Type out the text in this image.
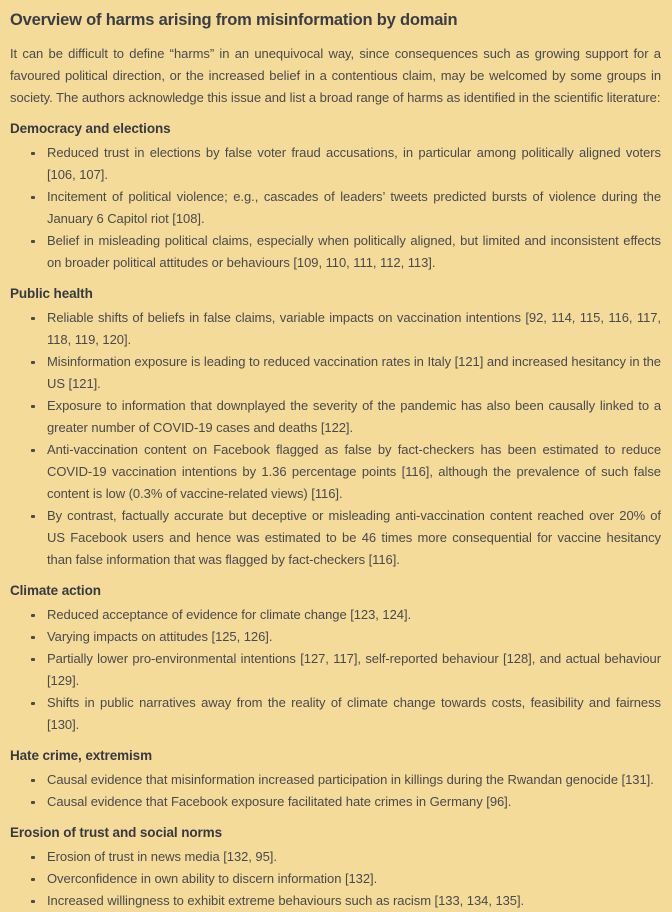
Overview of harms arising from misinformation by domain

It can be difficult to define “harms” in an unequivocal way, since consequences such as growing support for a favoured political direction, or the increased belief in a contentious claim, may be welcomed by some groups in society. The authors acknowledge this issue and list a broad range of harms as identified in the scientific literature:

Democracy and elections
Reduced trust in elections by false voter fraud accusations, in particular among politically aligned voters [106, 107].
Incitement of political violence; e.g., cascades of leaders’ tweets predicted bursts of violence during the January 6 Capitol riot [108].
Belief in misleading political claims, especially when politically aligned, but limited and inconsistent effects on broader political attitudes or behaviours [109, 110, 111, 112, 113].
Public health
Reliable shifts of beliefs in false claims, variable impacts on vaccination intentions [92, 114, 115, 116, 117, 118, 119, 120].
Misinformation exposure is leading to reduced vaccination rates in Italy [121] and increased hesitancy in the US [121].
Exposure to information that downplayed the severity of the pandemic has also been causally linked to a greater number of COVID-19 cases and deaths [122].
Anti-vaccination content on Facebook flagged as false by fact-checkers has been estimated to reduce COVID-19 vaccination intentions by 1.36 percentage points [116], although the prevalence of such false content is low (0.3% of vaccine-related views) [116].
By contrast, factually accurate but deceptive or misleading anti-vaccination content reached over 20% of US Facebook users and hence was estimated to be 46 times more consequential for vaccine hesitancy than false information that was flagged by fact-checkers [116].
Climate action
Reduced acceptance of evidence for climate change [123, 124].
Varying impacts on attitudes [125, 126].
Partially lower pro-environmental intentions [127, 117], self-reported behaviour [128], and actual behaviour [129].
Shifts in public narratives away from the reality of climate change towards costs, feasibility and fairness [130].
Hate crime, extremism
Causal evidence that misinformation increased participation in killings during the Rwandan genocide [131].
Causal evidence that Facebook exposure facilitated hate crimes in Germany [96].
Erosion of trust and social norms
Erosion of trust in news media [132, 95].
Overconfidence in own ability to discern information [132].
Increased willingness to exhibit extreme behaviours such as racism [133, 134, 135].
